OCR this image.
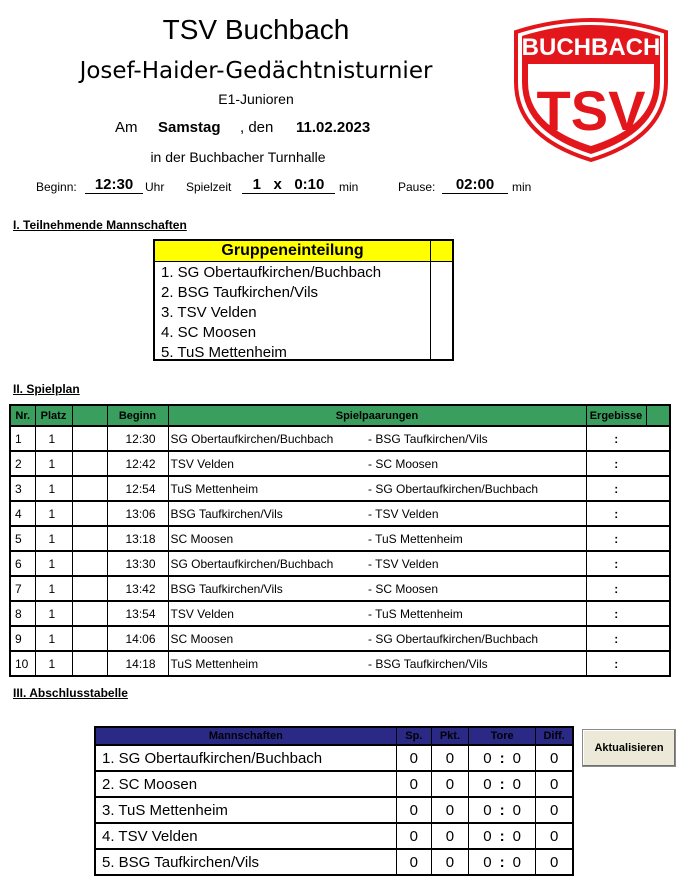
TSV Buchbach
Josef-Haider-Gedächtnisturnier
E1-Junioren
Am Samstag , den 11.02.2023
in der Buchbacher Turnhalle
BUCHBACH
TSV
Beginn:	12:30 Uhr Spielzeit	1 x 0:10	min	Pause:	02:00	min
I. Teilnehmende Mannschaften
Gruppeneinteilung
1. SG Obertaufkirchen/Buchbach
2. BSG Taufkirchen/Vils
3. TSV Velden
4. SC Moosen
5. TuS Mettenheim
II. Spielplan
Nr.	Platz		Beginn	Spielpaarungen		Ergebisse	
1	1		12:30	SG Obertaufkirchen/Buchbach	- BSG Taufkirchen/Vils	:	
2	1		12:42	TSV Velden	- SC Moosen	:	
3	1		12:54	TuS Mettenheim	- SG Obertaufkirchen/Buchbach	:	
4	1		13:06	BSG Taufkirchen/Vils	- TSV Velden	:	
5	1		13:18	SC Moosen	- TuS Mettenheim	:	
6	1		13:30	SG Obertaufkirchen/Buchbach	- TSV Velden	:	
7	1		13:42	BSG Taufkirchen/Vils	- SC Moosen	:	
8	1		13:54	TSV Velden	- TuS Mettenheim	:	
9	1		14:06	SC Moosen	- SG Obertaufkirchen/Buchbach	:	
10	1		14:18	TuS Mettenheim	- BSG Taufkirchen/Vils	:	
III. Abschlusstabelle
Mannschaften	Sp.	Pkt.	Tore			Diff.
1. SG Obertaufkirchen/Buchbach	0	0	0	:	0	0
2. SC Moosen	0	0	0	:	0	0
3. TuS Mettenheim	0	0	0	:	0	0
4. TSV Velden	0	0	0	:	0	0
5. BSG Taufkirchen/Vils	0	0	0	:	0	0
Aktualisieren
